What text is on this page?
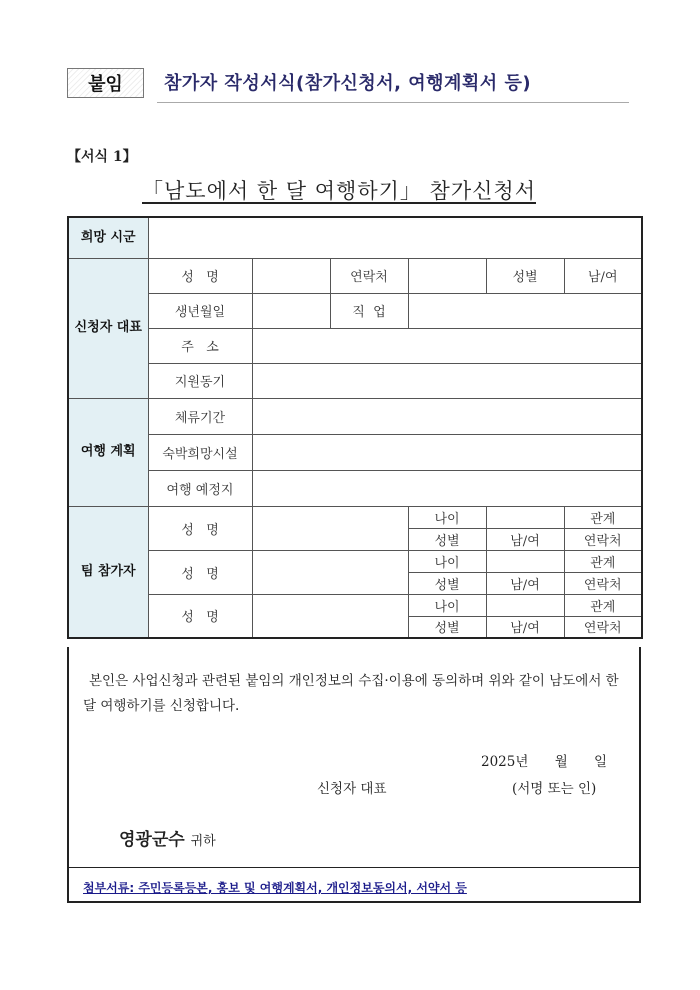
붙임	참가자 작성서식(참가신청서, 여행계획서 등)
【서식 1】
「남도에서 한 달 여행하기」 참가신청서
희망 시군						
신청자 대표	성   명		연락처		성별	남/여
	생년월일		직  업			
	주   소					
	지원동기					
여행 계획	체류기간					
	숙박희망시설					
	여행 예정지					
팀 참가자	성   명			나이		관계
				성별	남/여	연락처
	성   명			나이		관계
				성별	남/여	연락처
	성   명			나이		관계
				성별	남/여	연락처
본인은 사업신청과 관련된 붙임의 개인정보의 수집·이용에 동의하며 위와 같이 남도에서 한 달 여행하기를 신청합니다.
2025년 월 일
신청자 대표	(서명 또는 인)
영광군수 귀하
첨부서류: 주민등록등본, 홍보 및 여행계획서, 개인정보동의서, 서약서 등
